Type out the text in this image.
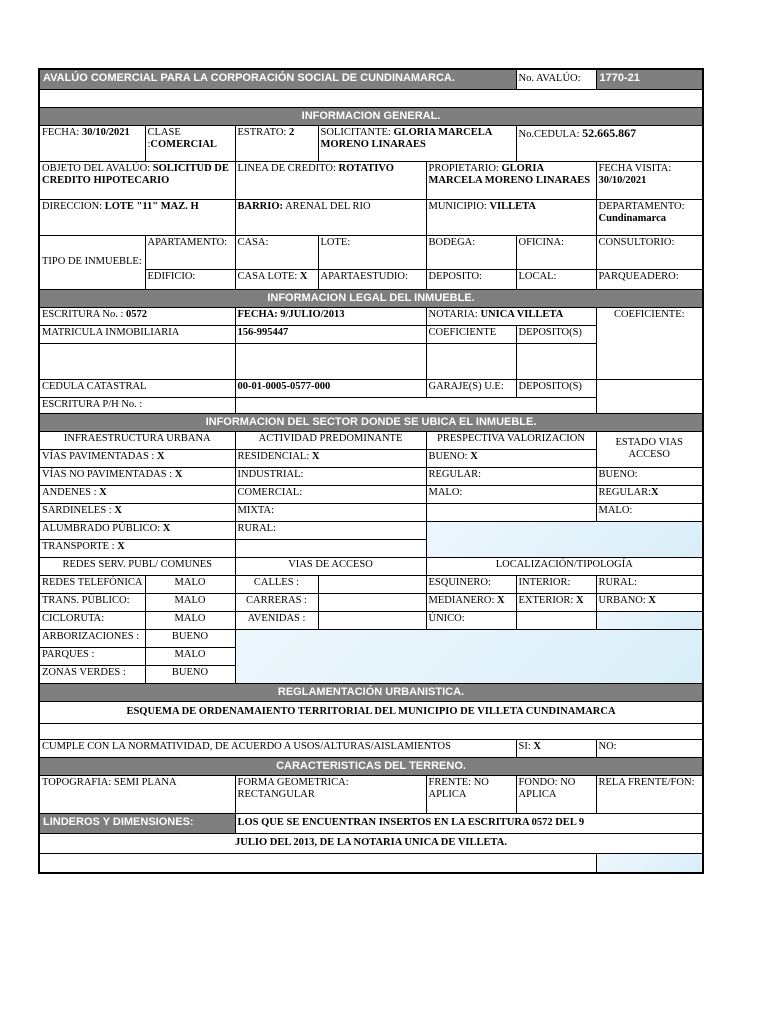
AVALÚO COMERCIAL PARA LA CORPORACIÓN SOCIAL DE CUNDINAMARCA.					No. AVALÚO:	1770-21

INFORMACION GENERAL.						
FECHA: 30/10/2021	CLASE :COMERCIAL	ESTRATO: 2	SOLICITANTE: GLORIA MARCELA MORENO LINARAES		No.CEDULA: 52.665.867	
OBJETO DEL AVALÚO: SOLICITUD DE CREDITO HIPOTECARIO		LINEA DE CREDITO: ROTATIVO		PROPIETARIO: GLORIA MARCELA MORENO LINARAES		FECHA VISITA: 30/10/2021
DIRECCION: LOTE "11" MAZ. H		BARRIO: ARENAL DEL RIO		MUNICIPIO: VILLETA		DEPARTAMENTO: Cundinamarca
TIPO DE INMUEBLE:	APARTAMENTO:	CASA:	LOTE:	BODEGA:	OFICINA:	CONSULTORIO:
	EDIFICIO:	CASA LOTE: X	APARTAESTUDIO:	DEPOSITO:	LOCAL:	PARQUEADERO:
INFORMACION LEGAL DEL INMUEBLE.						
ESCRITURA No. : 0572		FECHA: 9/JULIO/2013		NOTARIA: UNICA VILLETA		COEFICIENTE:
MATRICULA INMOBILIARIA		156-995447		COEFICIENTE	DEPOSITO(S)	

CEDULA CATASTRAL		00-01-0005-0577-000		GARAJE(S) U.E:	DEPOSITO(S)	
ESCRITURA P/H No. :						
INFORMACION DEL SECTOR DONDE SE UBICA EL INMUEBLE.						
INFRAESTRUCTURA URBANA		ACTIVIDAD PREDOMINANTE		PRESPECTIVA VALORIZACION		ESTADO VIAS ACCESO
VÍAS PAVIMENTADAS : X		RESIDENCIAL: X		BUENO: X		
VÍAS NO PAVIMENTADAS : X		INDUSTRIAL:		REGULAR:		BUENO:
ANDENES : X		COMERCIAL:		MALO:		REGULAR:X
SARDINELES : X		MIXTA:				MALO:
ALUMBRADO PÚBLICO: X		RURAL:				
TRANSPORTE : X						
REDES SERV. PUBL/ COMUNES		VIAS DE ACCESO		LOCALIZACIÓN/TIPOLOGÍA		
REDES TELEFÓNICA	MALO	CALLES :		ESQUINERO:	INTERIOR:	RURAL:
TRANS. PÚBLICO:	MALO	CARRERAS :		MEDIANERO: X	EXTERIOR: X	URBANO: X
CICLORUTA:	MALO	AVENIDAS :		ÚNICO:		
ARBORIZACIONES :	BUENO					
PARQUES :	MALO					
ZONAS VERDES :	BUENO					
REGLAMENTACIÓN URBANISTICA.						
ESQUEMA DE ORDENAMAIENTO TERRITORIAL DEL MUNICIPIO DE VILLETA CUNDINAMARCA						

CUMPLE CON LA NORMATIVIDAD, DE ACUERDO A USOS/ALTURAS/AISLAMIENTOS					SI: X	NO:
CARACTERISTICAS DEL TERRENO.						
TOPOGRAFIA: SEMI PLANA		FORMA GEOMETRICA: RECTANGULAR		FRENTE: NO APLICA	FONDO: NO APLICA	RELA FRENTE/FON:
LINDEROS Y DIMENSIONES:		LOS QUE SE ENCUENTRAN INSERTOS EN LA ESCRITURA 0572 DEL 9				
JULIO DEL 2013, DE LA NOTARIA UNICA DE VILLETA.						
